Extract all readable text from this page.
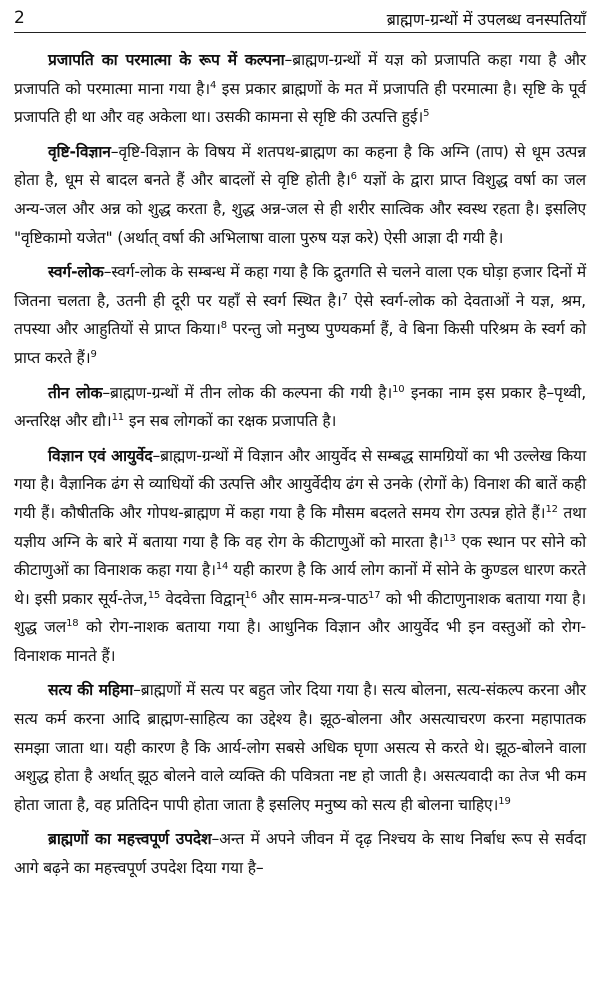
2	ब्राह्मण-ग्रन्थों में उपलब्ध वनस्पतियाँ

प्रजापति का परमात्मा के रूप में कल्पना–ब्राह्मण-ग्रन्थों में यज्ञ को प्रजापति कहा गया है और प्रजापति को परमात्मा माना गया है।$^4$ इस प्रकार ब्राह्मणों के मत में प्रजापति ही परमात्मा है। सृष्टि के पूर्व प्रजापति ही था और वह अकेला था। उसकी कामना से सृष्टि की उत्पत्ति हुई।$^5$

वृष्टि-विज्ञान–वृष्टि-विज्ञान के विषय में शतपथ-ब्राह्मण का कहना है कि अग्नि (ताप) से धूम उत्पन्न होता है, धूम से बादल बनते हैं और बादलों से वृष्टि होती है।$^6$ यज्ञों के द्वारा प्राप्त विशुद्ध वर्षा का जल अन्य-जल और अन्न को शुद्ध करता है, शुद्ध अन्न-जल से ही शरीर सात्विक और स्वस्थ रहता है। इसलिए "वृष्टिकामो यजेत" (अर्थात् वर्षा की अभिलाषा वाला पुरुष यज्ञ करे) ऐसी आज्ञा दी गयी है।

स्वर्ग-लोक–स्वर्ग-लोक के सम्बन्ध में कहा गया है कि द्रुतगति से चलने वाला एक घोड़ा हजार दिनों में जितना चलता है, उतनी ही दूरी पर यहाँ से स्वर्ग स्थित है।$^7$ ऐसे स्वर्ग-लोक को देवताओं ने यज्ञ, श्रम, तपस्या और आहुतियों से प्राप्त किया।$^8$ परन्तु जो मनुष्य पुण्यकर्मा हैं, वे बिना किसी परिश्रम के स्वर्ग को प्राप्त करते हैं।$^9$

तीन लोक–ब्राह्मण-ग्रन्थों में तीन लोक की कल्पना की गयी है।$^{10}$ इनका नाम इस प्रकार है–पृथ्वी, अन्तरिक्ष और द्यौ।$^{11}$ इन सब लोगकों का रक्षक प्रजापति है।

विज्ञान एवं आयुर्वेद–ब्राह्मण-ग्रन्थों में विज्ञान और आयुर्वेद से सम्बद्ध सामग्रियों का भी उल्लेख किया गया है। वैज्ञानिक ढंग से व्याधियों की उत्पत्ति और आयुर्वेदीय ढंग से उनके (रोगों के) विनाश की बातें कही गयी हैं। कौषीतकि और गोपथ-ब्राह्मण में कहा गया है कि मौसम बदलते समय रोग उत्पन्न होते हैं।$^{12}$ तथा यज्ञीय अग्नि के बारे में बताया गया है कि वह रोग के कीटाणुओं को मारता है।$^{13}$ एक स्थान पर सोने को कीटाणुओं का विनाशक कहा गया है।$^{14}$ यही कारण है कि आर्य लोग कानों में सोने के कुण्डल धारण करते थे। इसी प्रकार सूर्य-तेज,$^{15}$ वेदवेत्ता विद्वान्$^{16}$ और साम-मन्त्र-पाठ$^{17}$ को भी कीटाणुनाशक बताया गया है। शुद्ध जल$^{18}$ को रोग-नाशक बताया गया है। आधुनिक विज्ञान और आयुर्वेद भी इन वस्तुओं को रोग-विनाशक मानते हैं।

सत्य की महिमा–ब्राह्मणों में सत्य पर बहुत जोर दिया गया है। सत्य बोलना, सत्य-संकल्प करना और सत्य कर्म करना आदि ब्राह्मण-साहित्य का उद्देश्य है। झूठ-बोलना और असत्याचरण करना महापातक समझा जाता था। यही कारण है कि आर्य-लोग सबसे अधिक घृणा असत्य से करते थे। झूठ-बोलने वाला अशुद्ध होता है अर्थात् झूठ बोलने वाले व्यक्ति की पवित्रता नष्ट हो जाती है। असत्यवादी का तेज भी कम होता जाता है, वह प्रतिदिन पापी होता जाता है इसलिए मनुष्य को सत्य ही बोलना चाहिए।$^{19}$

ब्राह्मणों का महत्त्वपूर्ण उपदेश–अन्त में अपने जीवन में दृढ़ निश्चय के साथ निर्बाध रूप से सर्वदा आगे बढ़ने का महत्त्वपूर्ण उपदेश दिया गया है–
